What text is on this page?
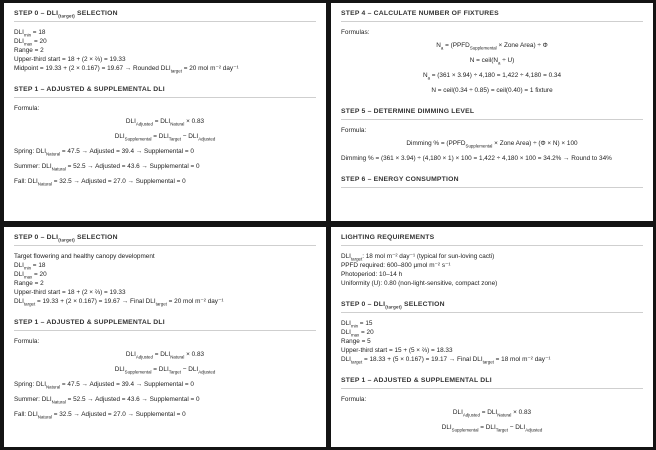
STEP $0 - DLI_{(target)}$ SELECTION
$DLI_{min} = 18$
$DLI_{max} = 20$
Range = 2
Upper-third start = 18 + (2 × ⅔) = 19.33
Midpoint = 19.33 + (2 × 0.167) = 19.67 → Rounded $DLI_{target} = 20$ mol m⁻² day⁻¹
STEP 1 – ADJUSTED & SUPPLEMENTAL DLI
Formula:
$DLI_{Adjusted} = DLI_{Natural} \times 0.83$
$DLI_{Supplemental} = DLI_{Target} - DLI_{Adjusted}$
Spring: $DLI_{Natural} = 47.5$ → Adjusted = 39.4 → Supplemental = 0
Summer: $DLI_{Natural} = 52.5$ → Adjusted = 43.6 → Supplemental = 0
Fall: $DLI_{Natural} = 32.5$ → Adjusted = 27.0 → Supplemental = 0
STEP 4 – CALCULATE NUMBER OF FIXTURES
Formulas:
$N_a$ = ($PPFD_{Supplemental}$ × Zone Area) ÷ Φ
$N = ceil(N_a \div U)$
$N_a = (361 \times 3.94) \div 4,180 = 1,422 \div 4,180 = 0.34$
N = ceil(0.34 ÷ 0.85) = ceil(0.40) = 1 fixture
STEP 5 – DETERMINE DIMMING LEVEL
Formula:
Dimming % = ($PPFD_{Supplemental}$ × Zone Area) ÷ (Φ × N) × 100
Dimming % = (361 × 3.94) ÷ (4,180 × 1) × 100 = 1,422 ÷ 4,180 × 100 = 34.2% → Round to 34%
STEP 6 – ENERGY CONSUMPTION
STEP $0 - DLI_{(target)}$ SELECTION
Target flowering and healthy canopy development
$DLI_{min} = 18$
$DLI_{max} = 20$
Range = 2
Upper-third start = 18 + (2 × ⅔) = 19.33
$DLI_{target} = 19.33 + (2 \times 0.167) = 19.67$ → Final $DLI_{target} = 20$ mol m⁻² day⁻¹
STEP 1 – ADJUSTED & SUPPLEMENTAL DLI
Formula:
$DLI_{Adjusted} = DLI_{Natural} \times 0.83$
$DLI_{Supplemental} = DLI_{Target} - DLI_{Adjusted}$
Spring: $DLI_{Natural} = 47.5$ → Adjusted = 39.4 → Supplemental = 0
Summer: $DLI_{Natural} = 52.5$ → Adjusted = 43.6 → Supplemental = 0
Fall: $DLI_{Natural} = 32.5$ → Adjusted = 27.0 → Supplemental = 0
LIGHTING REQUIREMENTS
$DLI_{target}$: 18 mol m⁻² day⁻¹ (typical for sun-loving cacti)
PPFD required: 600–800 µmol m⁻² s⁻¹
Photoperiod: 10–14 h
Uniformity (U): 0.80 (non-light-sensitive, compact zone)
STEP $0 - DLI_{(target)}$ SELECTION
$DLI_{min} = 15$
$DLI_{max} = 20$
Range = 5
Upper-third start = 15 + (5 × ⅔) = 18.33
$DLI_{target} = 18.33 + (5 \times 0.167) = 19.17$ → Final $DLI_{target} = 18$ mol m⁻² day⁻¹
STEP 1 – ADJUSTED & SUPPLEMENTAL DLI
Formula:
$DLI_{Adjusted} = DLI_{Natural} \times 0.83$
$DLI_{Supplemental} = DLI_{Target} - DLI_{Adjusted}$
